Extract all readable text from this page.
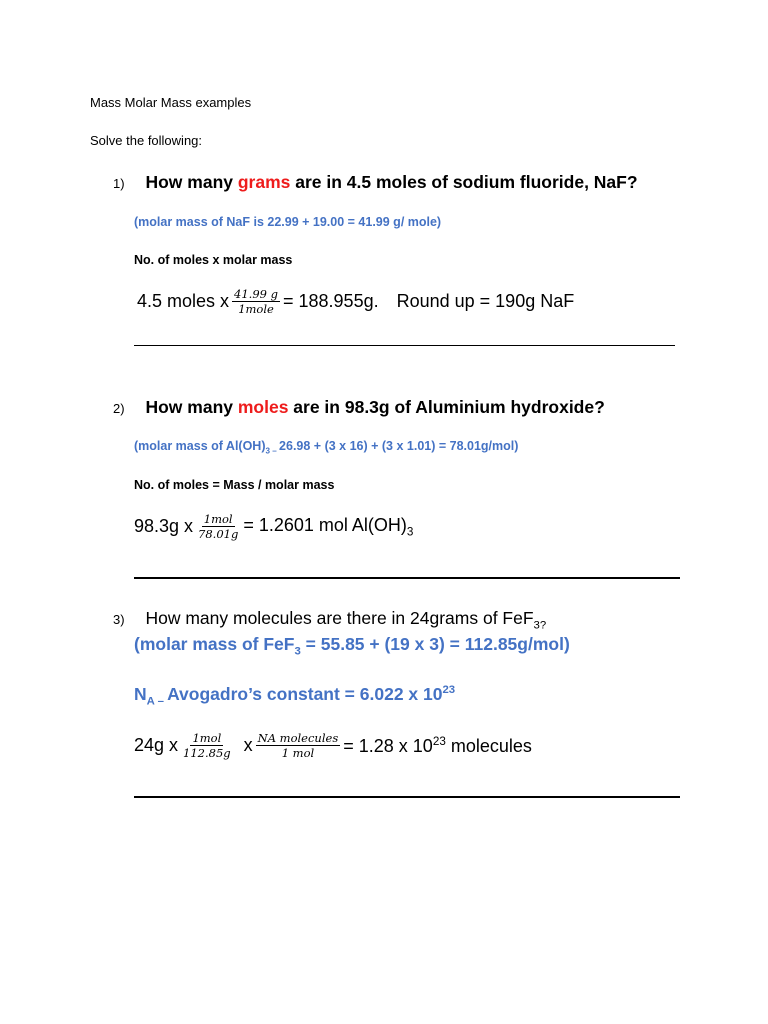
Mass Molar Mass examples
Solve the following:
1) How many grams are in 4.5 moles of sodium fluoride, NaF?
(molar mass of NaF is 22.99 + 19.00 = 41.99 g/ mole)
No. of moles x molar mass
4.5 moles x $\frac{41.99 g}{\text{1mole}} = 188.955g$. Round up = 190g NaF
2) How many moles are in 98.3g of Aluminium hydroxide?
(molar mass of $Al(OH)_{3 -}$ 26.98 + (3 x 16) + (3 x 1.01) = 78.01g/mol)
No. of moles = Mass / molar mass
98.3g x $\frac{\text{1mol}}{78.01g} = 1.2601$ mol $Al(OH)_3$
3) How many molecules are there in 24grams of FeF$_{3?}$
(molar mass of FeF$_3$ = 55.85 + (19 x 3) = 112.85g/mol)
$N_{A -}$ Avogadro’s constant = 6.022 x $10^{23}$
24g x $\frac{\text{1mol}}{112.85g}$ x $\frac{\text{NA molecules}}{\text{1 mol}} = 1.28$ x $10^{23}$ molecules
